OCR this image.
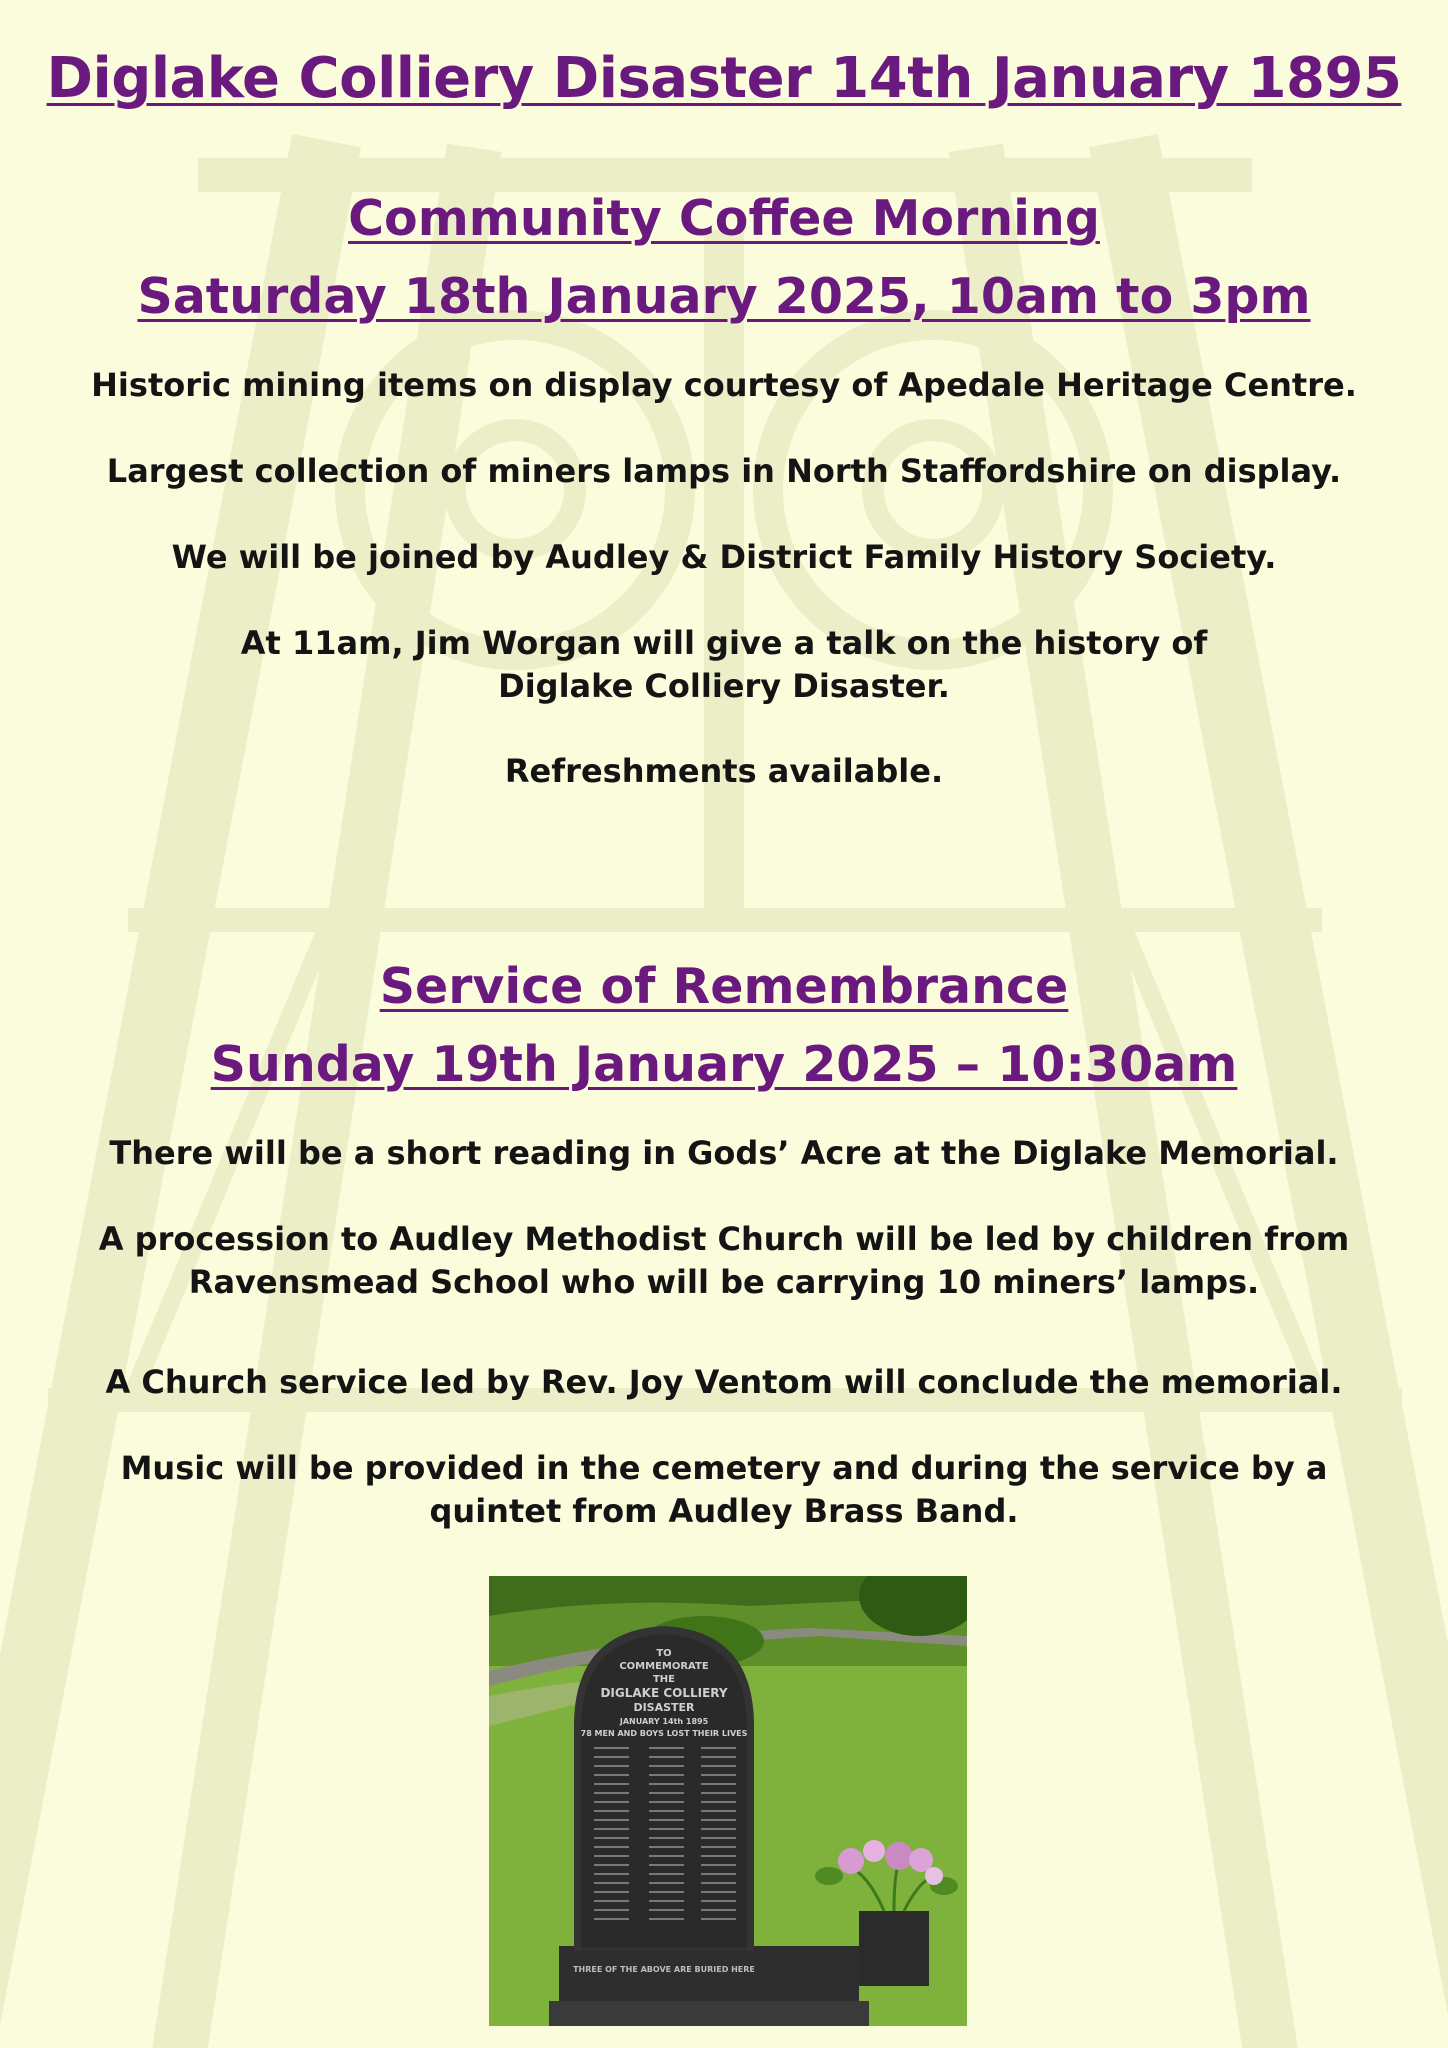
Diglake Colliery Disaster 14th January 1895
Community Coffee Morning
Saturday 18th January 2025, 10am to 3pm

Historic mining items on display courtesy of Apedale Heritage Centre.

Largest collection of miners lamps in North Staffordshire on display.

We will be joined by Audley & District Family History Society.

At 11am, Jim Worgan will give a talk on the history of
Diglake Colliery Disaster.

Refreshments available.

Service of Remembrance
Sunday 19th January 2025 – 10:30am

There will be a short reading in Gods’ Acre at the Diglake Memorial.

A procession to Audley Methodist Church will be led by children from
Ravensmead School who will be carrying 10 miners’ lamps.

A Church service led by Rev. Joy Ventom will conclude the memorial.

Music will be provided in the cemetery and during the service by a
quintet from Audley Brass Band.

TO
COMMEMORATE
THE
DIGLAKE COLLIERY
DISASTER
JANUARY 14th 1895
78 MEN AND BOYS LOST THEIR LIVES
THREE OF THE ABOVE ARE BURIED HERE
